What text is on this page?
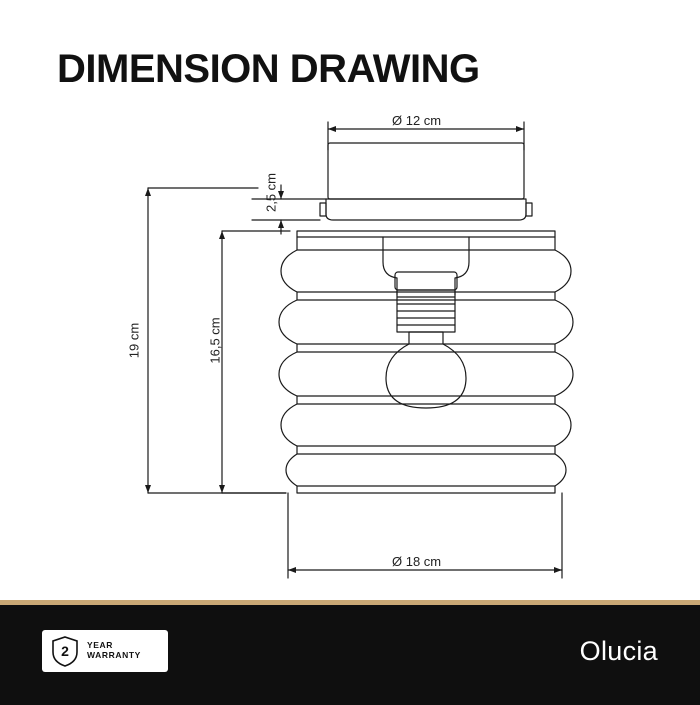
DIMENSION DRAWING
Ø 12 cm
2,5 cm
19 cm	16,5 cm
Ø 18 cm
2	YEAR
WARRANTY	Olucia
